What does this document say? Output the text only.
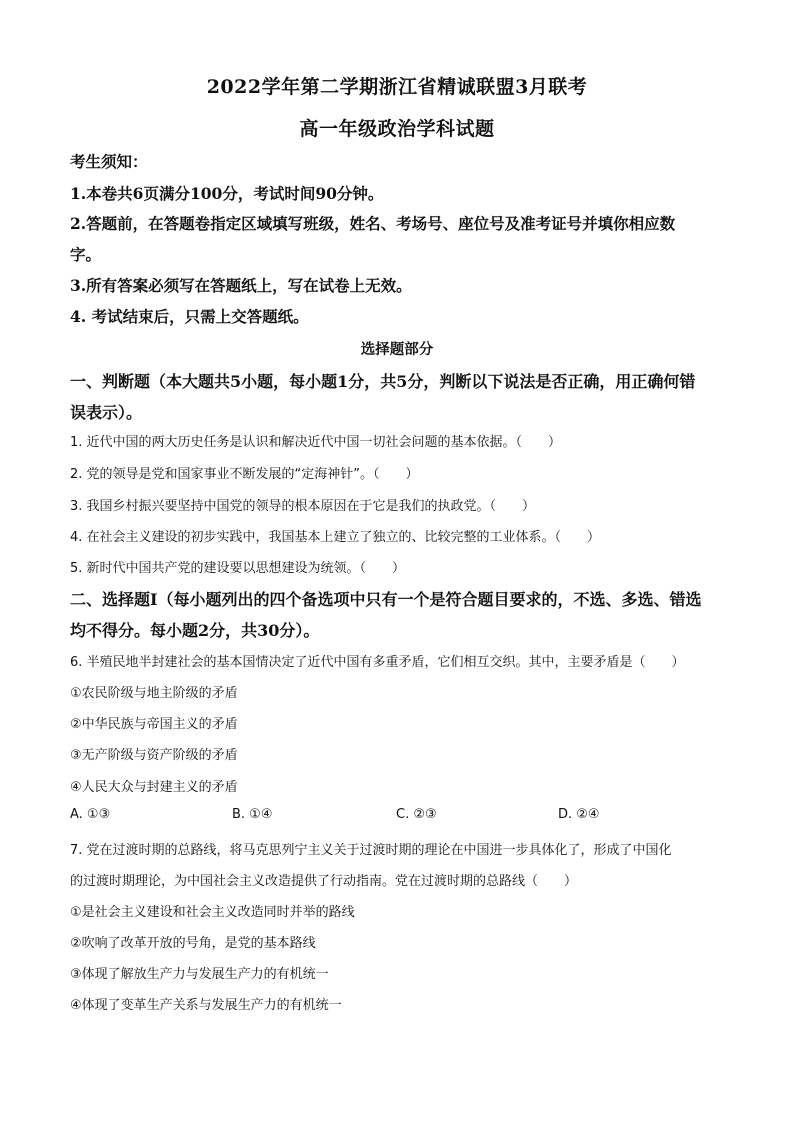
2022学年第二学期浙江省精诚联盟3月联考
高一年级政治学科试题
考生须知：
1.本卷共6页满分100分，考试时间90分钟。
2.答题前，在答题卷指定区域填写班级，姓名、考场号、座位号及准考证号并填你相应数
字。
3.所有答案必须写在答题纸上，写在试卷上无效。
4. 考试结束后，只需上交答题纸。
选择题部分
一、判断题（本大题共5小题，每小题1分，共5分，判断以下说法是否正确，用正确何错
误表示）。
1. 近代中国的两大历史任务是认识和解决近代中国一切社会问题的基本依据。（　　）
2. 党的领导是党和国家事业不断发展的“定海神针”。（　　）
3. 我国乡村振兴要坚持中国党的领导的根本原因在于它是我们的执政党。（　　）
4. 在社会主义建设的初步实践中，我国基本上建立了独立的、比较完整的工业体系。（　　）
5. 新时代中国共产党的建设要以思想建设为统领。（　　）
二、选择题Ⅰ（每小题列出的四个备选项中只有一个是符合题目要求的，不选、多选、错选
均不得分。每小题2分，共30分）。
6. 半殖民地半封建社会的基本国情决定了近代中国有多重矛盾，它们相互交织。其中，主要矛盾是（　　）
①农民阶级与地主阶级的矛盾
②中华民族与帝国主义的矛盾
③无产阶级与资产阶级的矛盾
④人民大众与封建主义的矛盾
A. ①③	B. ①④	C. ②③	D. ②④
7. 党在过渡时期的总路线，将马克思列宁主义关于过渡时期的理论在中国进一步具体化了，形成了中国化
的过渡时期理论，为中国社会主义改造提供了行动指南。党在过渡时期的总路线（　　）
①是社会主义建设和社会主义改造同时并举的路线
②吹响了改革开放的号角，是党的基本路线
③体现了解放生产力与发展生产力的有机统一
④体现了变革生产关系与发展生产力的有机统一
